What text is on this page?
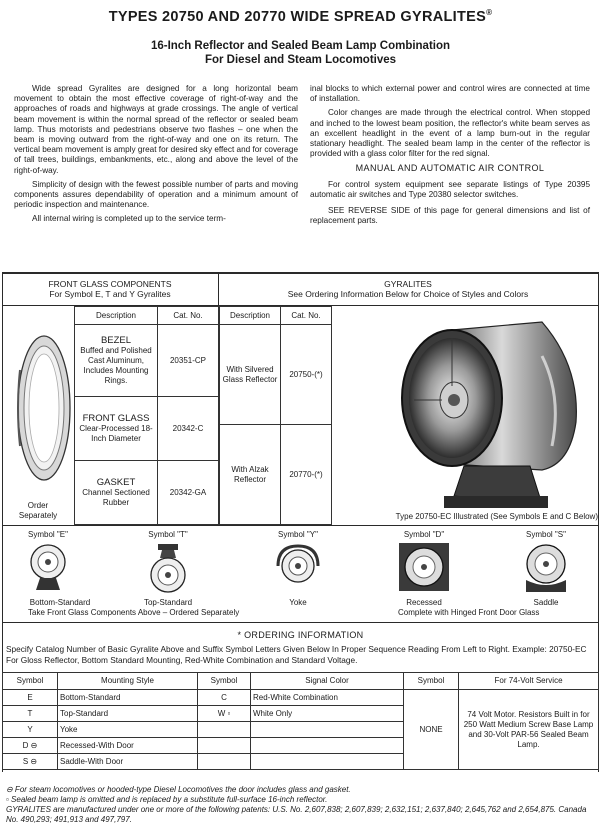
TYPES 20750 AND 20770 WIDE SPREAD GYRALITES®
16-Inch Reflector and Sealed Beam Lamp Combination
For Diesel and Steam Locomotives

Wide spread Gyralites are designed for a long horizontal beam movement to obtain the most effective coverage of right-of-way and the approaches of roads and highways at grade crossings. The angle of vertical beam movement is within the normal spread of the reflector or sealed beam lamp. Thus motorists and pedestrians observe two flashes – one when the beam is moving outward from the right-of-way and one on its return. The vertical beam movement is amply great for desired sky effect and for coverage of tall trees, buildings, embankments, etc., along and above the level of the right-of-way.

Simplicity of design with the fewest possible number of parts and moving components assures dependability of operation and a minimum amount of periodic inspection and maintenance.

All internal wiring is completed up to the service term-

inal blocks to which external power and control wires are connected at time of installation.

Color changes are made through the electrical control. When stopped and inched to the lowest beam position, the reflector's white beam serves as an excellent headlight in the event of a lamp burn-out in the regular stationary headlight. The sealed beam lamp in the center of the reflector is provided with a glass color filter for the red signal.

MANUAL AND AUTOMATIC AIR CONTROL

For control system equipment see separate listings of Type 20395 automatic air switches and Type 20380 selector switches.

SEE REVERSE SIDE of this page for general dimensions and list of replacement parts.

FRONT GLASS COMPONENTS
For Symbol E, T and Y Gyralites
GYRALITES
See Ordering Information Below for Choice of Styles and Colors
Order
Separately
Description	Cat. No.

BEZEL
Buffed and Polished Cast Aluminum, Includes Mounting Rings.	20351-CP

FRONT GLASS
Clear-Processed 18-Inch Diameter	20342-C

GASKET
Channel Sectioned Rubber	20342-GA
Description	Cat. No.
With Silvered Glass Reflector	20750-(*)
With Alzak Reflector	20770-(*)
Type 20750-EC Illustrated (See Symbols E and C Below)
Symbol "E"	Symbol "T"	Symbol "Y"	Symbol "D"	Symbol "S"
Bottom-Standard	Top-Standard	Yoke	Recessed	Saddle
Take Front Glass Components Above – Ordered Separately	Complete with Hinged Front Door Glass
* ORDERING INFORMATION
Specify Catalog Number of Basic Gyralite Above and Suffix Symbol Letters Given Below In Proper Sequence Reading From Left to Right. Example: 20750-EC For Gloss Reflector, Bottom Standard Mounting, Red-White Combination and Standard Voltage.
Symbol	Mounting Style	Symbol	Signal Color	Symbol	For 74-Volt Service
E	Bottom-Standard	C	Red-White Combination	NONE	74 Volt Motor. Resistors Built in for 250 Watt Medium Screw Base Lamp and 30-Volt PAR-56 Sealed Beam Lamp.
T	Top-Standard	W ▫	White Only		
Y	Yoke				
D ⊖	Recessed-With Door				
S ⊖	Saddle-With Door				
⊖ For steam locomotives or hooded-type Diesel Locomotives the door includes glass and gasket.
▫ Sealed beam lamp is omitted and is replaced by a substitute full-surface 16-inch reflector.
GYRALITES are manufactured under one or more of the following patents: U.S. No. 2,607,838; 2,607,839; 2,632,151; 2,637,840; 2,645,762 and 2,654,875. Canada No. 490,293; 491,913 and 497,797.
